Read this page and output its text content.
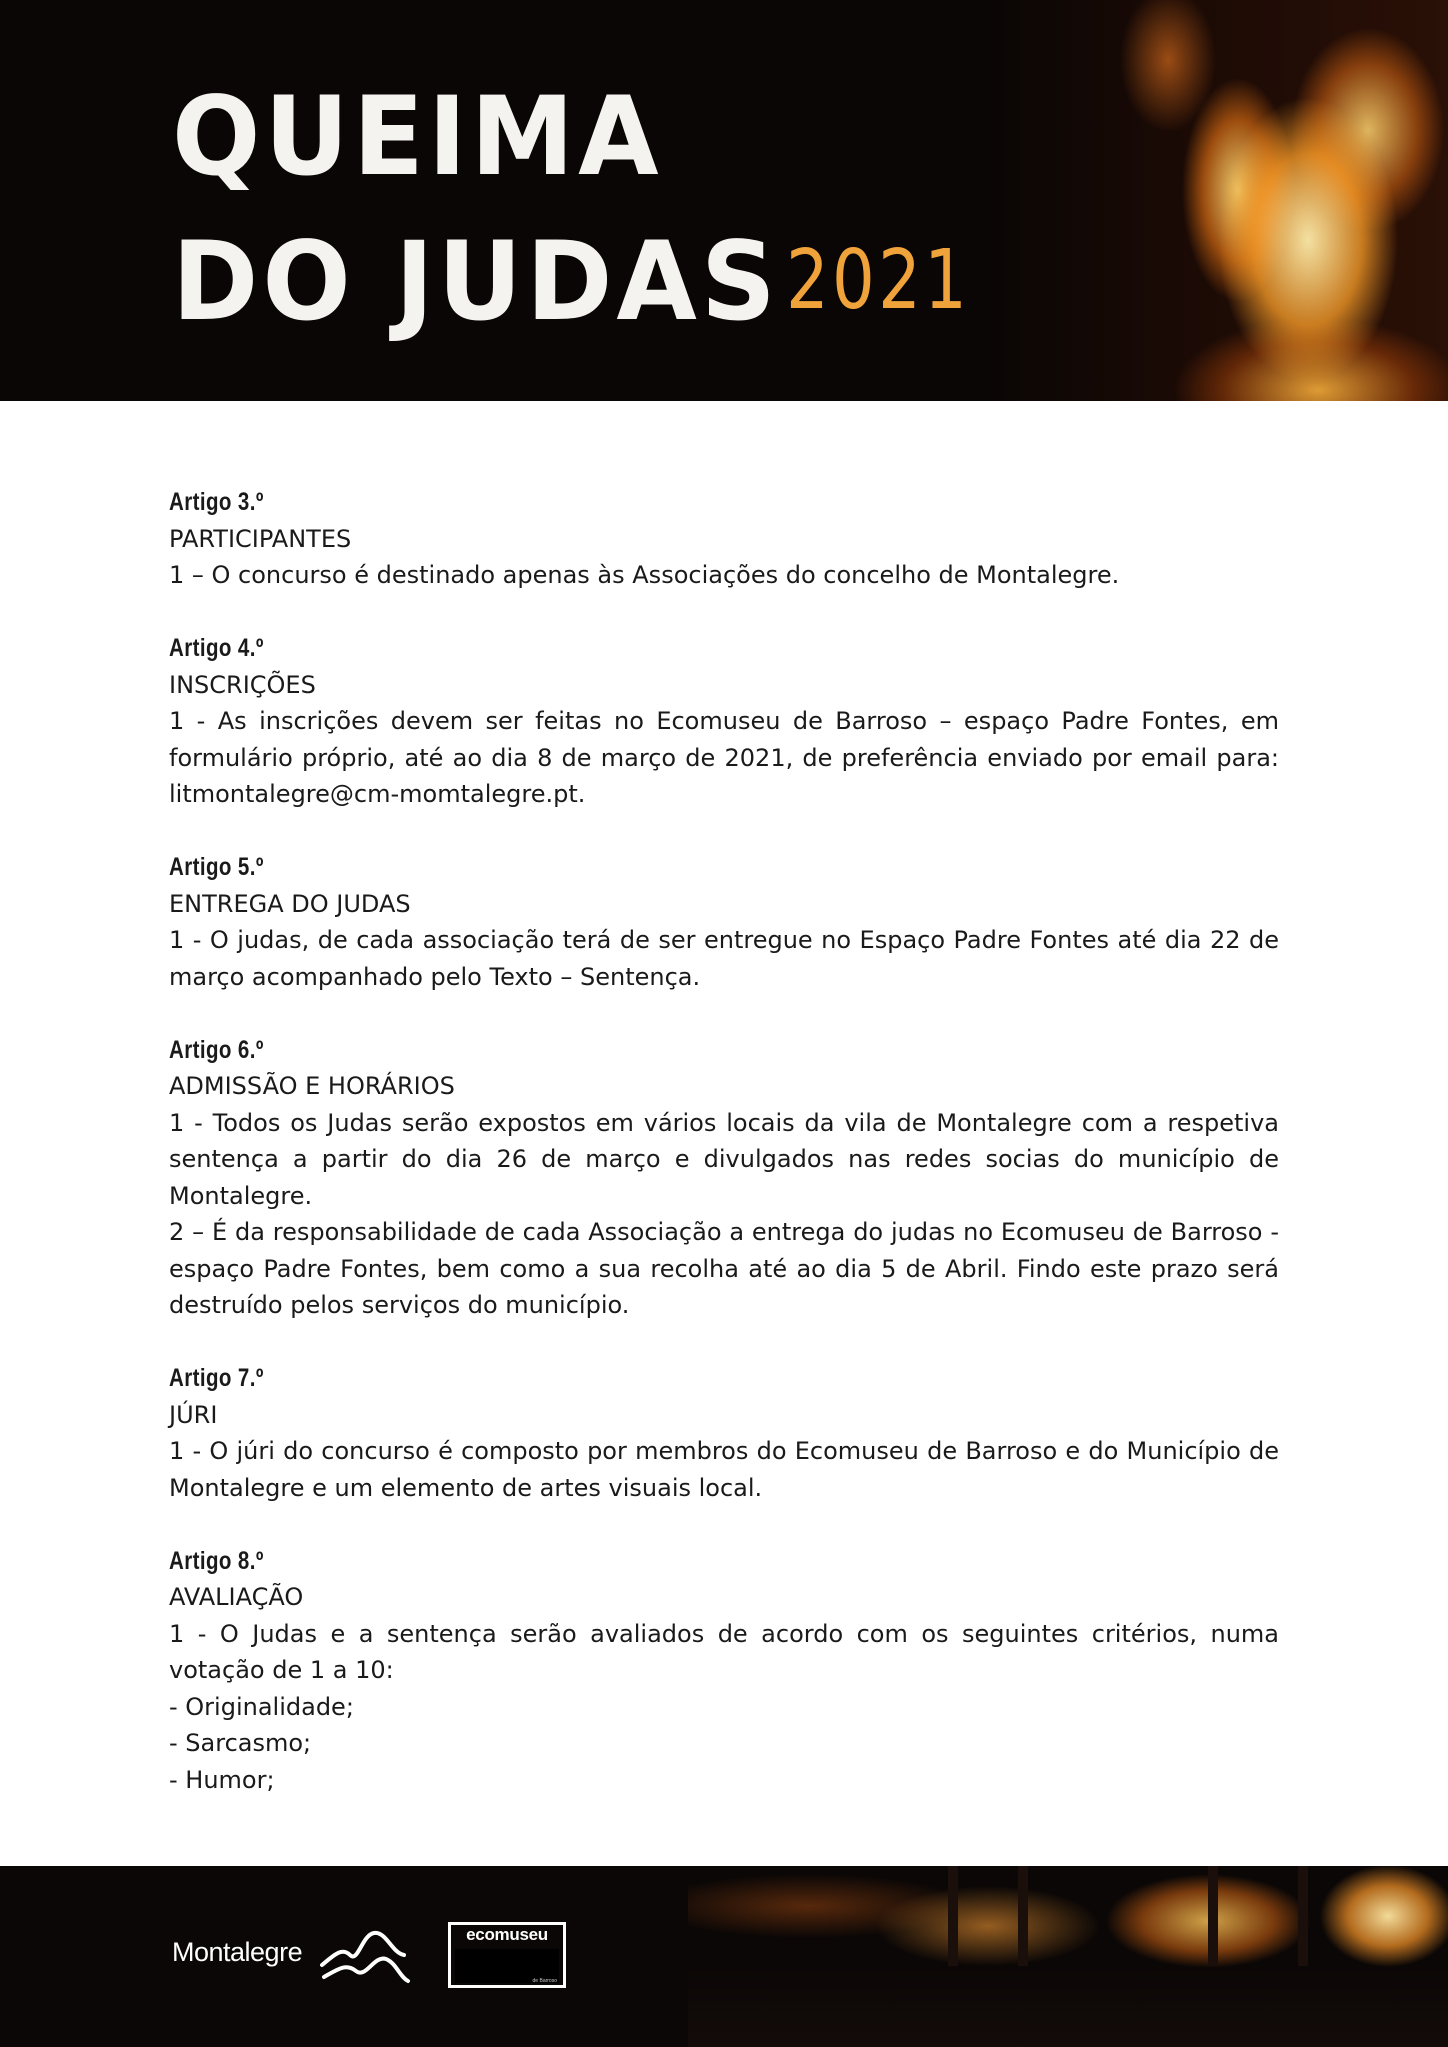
QUEIMA
DO JUDAS 2021
Artigo 3.º
PARTICIPANTES
1 – O concurso é destinado apenas às Associações do concelho de Montalegre.
Artigo 4.º
INSCRIÇÕES
1 - As inscrições devem ser feitas no Ecomuseu de Barroso – espaço Padre Fontes, em formulário próprio, até ao dia 8 de março de 2021, de preferência enviado por email para: litmontalegre@cm-momtalegre.pt.
Artigo 5.º
ENTREGA DO JUDAS
1 - O judas, de cada associação terá de ser entregue no Espaço Padre Fontes até dia 22 de março acompanhado pelo Texto – Sentença.
Artigo 6.º
ADMISSÃO E HORÁRIOS
1 - Todos os Judas serão expostos em vários locais da vila de Montalegre com a respetiva sentença a partir do dia 26 de março e divulgados nas redes socias do município de Montalegre.
2 – É da responsabilidade de cada Associação a entrega do judas no Ecomuseu de Barroso - espaço Padre Fontes, bem como a sua recolha até ao dia 5 de Abril. Findo este prazo será destruído pelos serviços do município.
Artigo 7.º
JÚRI
1 - O júri do concurso é composto por membros do Ecomuseu de Barroso e do Município de Montalegre e um elemento de artes visuais local.
Artigo 8.º
AVALIAÇÃO
1 - O Judas e a sentença serão avaliados de acordo com os seguintes critérios, numa votação de 1 a 10:
- Originalidade;
- Sarcasmo;
- Humor;
Montalegre
ecomuseu
de Barroso
